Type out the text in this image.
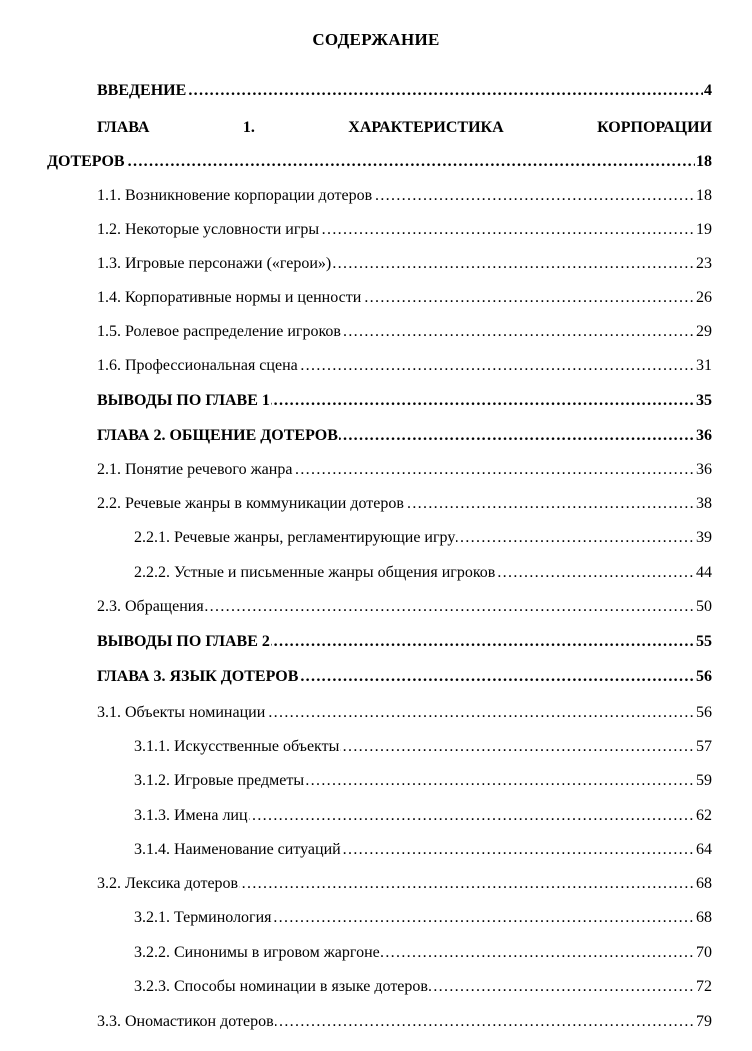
СОДЕРЖАНИЕ
………………………………………………………………………………………………………………………………………………………………………………………………………………………… ВВЕДЕНИЕ	4
ГЛАВА	1.	ХАРАКТЕРИСТИКА	КОРПОРАЦИИ
………………………………………………………………………………………………………………………………………………………………………………………………………………………… ДОТЕРОВ	18
………………………………………………………………………………………………………………………………………………………………………………………………………………………… 1.1. Возникновение корпорации дотеров	18
………………………………………………………………………………………………………………………………………………………………………………………………………………………… 1.2. Некоторые условности игры	19
………………………………………………………………………………………………………………………………………………………………………………………………………………………… 1.3. Игровые персонажи («герои»)	23
………………………………………………………………………………………………………………………………………………………………………………………………………………………… 1.4. Корпоративные нормы и ценности	26
………………………………………………………………………………………………………………………………………………………………………………………………………………………… 1.5. Ролевое распределение игроков	29
………………………………………………………………………………………………………………………………………………………………………………………………………………………… 1.6. Профессиональная сцена	31
………………………………………………………………………………………………………………………………………………………………………………………………………………………… ВЫВОДЫ ПО ГЛАВЕ 1	35
………………………………………………………………………………………………………………………………………………………………………………………………………………………… ГЛАВА 2. ОБЩЕНИЕ ДОТЕРОВ	36
………………………………………………………………………………………………………………………………………………………………………………………………………………………… 2.1. Понятие речевого жанра	36
………………………………………………………………………………………………………………………………………………………………………………………………………………………… 2.2. Речевые жанры в коммуникации дотеров	38
………………………………………………………………………………………………………………………………………………………………………………………………………………………… 2.2.1. Речевые жанры, регламентирующие игру	39
………………………………………………………………………………………………………………………………………………………………………………………………………………………… 2.2.2. Устные и письменные жанры общения игроков	44
………………………………………………………………………………………………………………………………………………………………………………………………………………………… 2.3. Обращения	50
………………………………………………………………………………………………………………………………………………………………………………………………………………………… ВЫВОДЫ ПО ГЛАВЕ 2	55
………………………………………………………………………………………………………………………………………………………………………………………………………………………… ГЛАВА 3. ЯЗЫК ДОТЕРОВ	56
………………………………………………………………………………………………………………………………………………………………………………………………………………………… 3.1. Объекты номинации	56
………………………………………………………………………………………………………………………………………………………………………………………………………………………… 3.1.1. Искусственные объекты	57
………………………………………………………………………………………………………………………………………………………………………………………………………………………… 3.1.2. Игровые предметы	59
………………………………………………………………………………………………………………………………………………………………………………………………………………………… 3.1.3. Имена лиц	62
………………………………………………………………………………………………………………………………………………………………………………………………………………………… 3.1.4. Наименование ситуаций	64
………………………………………………………………………………………………………………………………………………………………………………………………………………………… 3.2. Лексика дотеров	68
………………………………………………………………………………………………………………………………………………………………………………………………………………………… 3.2.1. Терминология	68
………………………………………………………………………………………………………………………………………………………………………………………………………………………… 3.2.2. Синонимы в игровом жаргоне	70
………………………………………………………………………………………………………………………………………………………………………………………………………………………… 3.2.3. Способы номинации в языке дотеров	72
………………………………………………………………………………………………………………………………………………………………………………………………………………………… 3.3. Ономастикон дотеров	79
